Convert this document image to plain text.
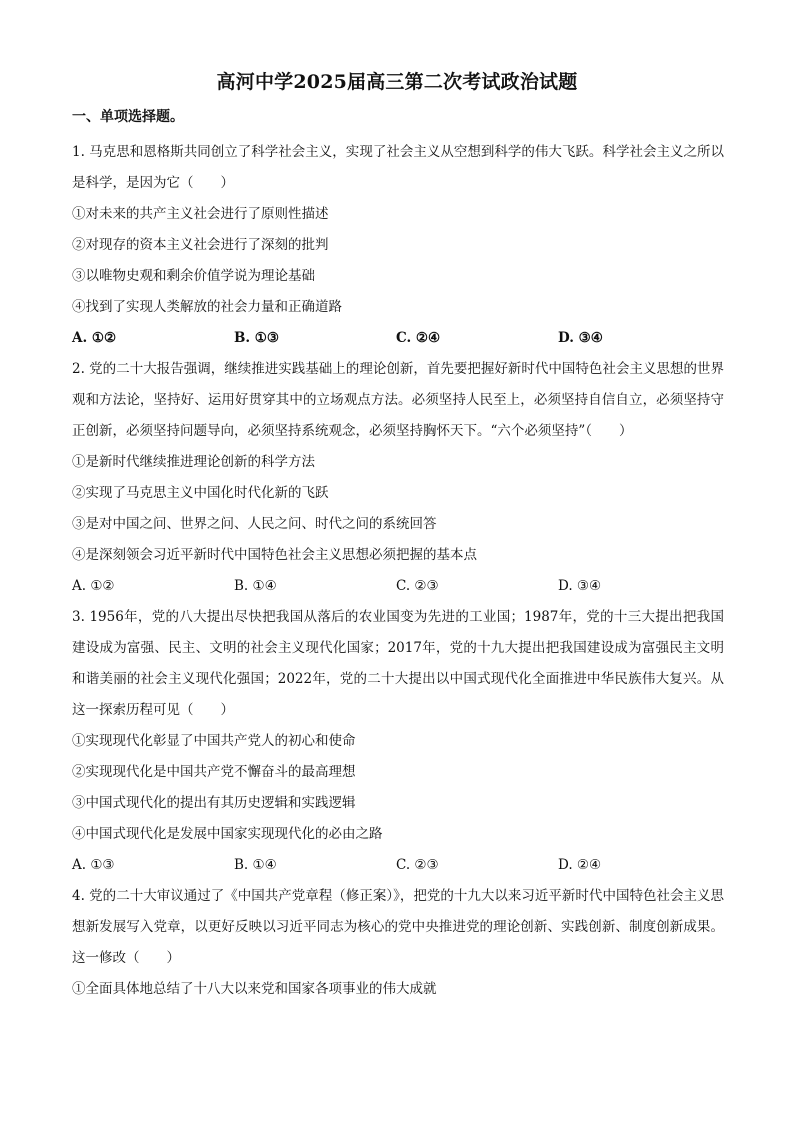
高河中学2025届高三第二次考试政治试题
一、单项选择题。

1. 马克思和恩格斯共同创立了科学社会主义，实现了社会主义从空想到科学的伟大飞跃。科学社会主义之所以是科学，是因为它（　　）

①对未来的共产主义社会进行了原则性描述

②对现存的资本主义社会进行了深刻的批判

③以唯物史观和剩余价值学说为理论基础

④找到了实现人类解放的社会力量和正确道路

A. ①②	B. ①③	C. ②④	D. ③④

2. 党的二十大报告强调，继续推进实践基础上的理论创新，首先要把握好新时代中国特色社会主义思想的世界观和方法论，坚持好、运用好贯穿其中的立场观点方法。必须坚持人民至上，必须坚持自信自立，必须坚持守正创新，必须坚持问题导向，必须坚持系统观念，必须坚持胸怀天下。“六个必须坚持”（　　）

①是新时代继续推进理论创新的科学方法

②实现了马克思主义中国化时代化新的飞跃

③是对中国之问、世界之问、人民之问、时代之问的系统回答

④是深刻领会习近平新时代中国特色社会主义思想必须把握的基本点

A. ①②	B. ①④	C. ②③	D. ③④

3. 1956年，党的八大提出尽快把我国从落后的农业国变为先进的工业国；1987年，党的十三大提出把我国建设成为富强、民主、文明的社会主义现代化国家；2017年，党的十九大提出把我国建设成为富强民主文明和谐美丽的社会主义现代化强国；2022年，党的二十大提出以中国式现代化全面推进中华民族伟大复兴。从这一探索历程可见（　　）

①实现现代化彰显了中国共产党人的初心和使命

②实现现代化是中国共产党不懈奋斗的最高理想

③中国式现代化的提出有其历史逻辑和实践逻辑

④中国式现代化是发展中国家实现现代化的必由之路

A. ①③	B. ①④	C. ②③	D. ②④

4. 党的二十大审议通过了《中国共产党章程（修正案）》，把党的十九大以来习近平新时代中国特色社会主义思想新发展写入党章，以更好反映以习近平同志为核心的党中央推进党的理论创新、实践创新、制度创新成果。这一修改（　　）

①全面具体地总结了十八大以来党和国家各项事业的伟大成就
